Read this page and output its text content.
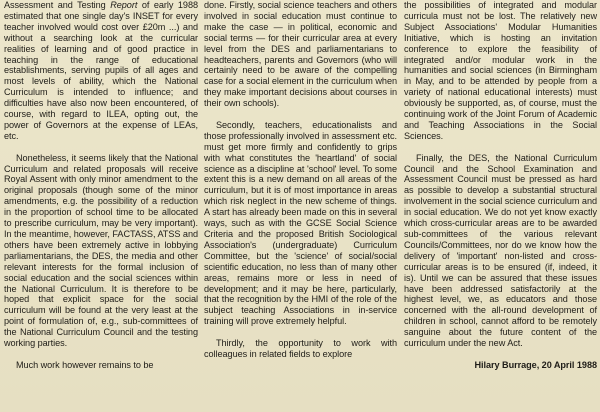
Assessment and Testing Report of early 1988 estimated that one single day's INSET for every teacher involved would cost over £20m ...) and without a searching look at the curricular realities of learning and of good practice in teaching in the range of educational establishments, serving pupils of all ages and most levels of ability, which the National Curriculum is intended to influence; and difficulties have also now been encountered, of course, with regard to ILEA, opting out, the power of Governors at the expense of LEAs, etc.

Nonetheless, it seems likely that the National Curriculum and related proposals will receive Royal Assent with only minor amendment to the original proposals (though some of the minor amendments, e.g. the possibility of a reduction in the proportion of school time to be allocated to prescribe curriculum, may be very important). In the meantime, however, FACTASS, ATSS and others have been extremely active in lobbying parliamentarians, the DES, the media and other relevant interests for the formal inclusion of social education and the social sciences within the National Curriculum. It is therefore to be hoped that explicit space for the social curriculum will be found at the very least at the point of formulation of, e.g., sub-committees of the National Curriculum Council and the testing working parties.

Much work however remains to be

done. Firstly, social science teachers and others involved in social education must continue to make the case — in political, economic and social terms — for their curricular area at every level from the DES and parliamentarians to headteachers, parents and Governors (who will certainly need to be aware of the compelling case for a social element in the curriculum when they make important decisions about courses in their own schools).

Secondly, teachers, educationalists and those professionally involved in assessment etc. must get more firmly and confidently to grips with what constitutes the 'heartland' of social science as a discipline at 'school' level. To some extent this is a new demand on all areas of the curriculum, but it is of most importance in areas which risk neglect in the new scheme of things. A start has already been made on this in several ways, such as with the GCSE Social Science Criteria and the proposed British Sociological Association's (undergraduate) Curriculum Committee, but the 'science' of social/social scientific education, no less than of many other areas, remains more or less in need of development; and it may be here, particularly, that the recognition by the HMI of the role of the subject teaching Associations in in-service training will prove extremely helpful.

Thirdly, the opportunity to work with colleagues in related fields to explore

the possibilities of integrated and modular curricula must not be lost. The relatively new Subject Associations' Modular Humanities Initiative, which is hosting an invitation conference to explore the feasibility of integrated and/or modular work in the humanities and social sciences (in Birmingham in May, and to be attended by people from a variety of national educational interests) must obviously be supported, as, of course, must the continuing work of the Joint Forum of Academic and Teaching Associations in the Social Sciences.

Finally, the DES, the National Curriculum Council and the School Examination and Assessment Council must be pressed as hard as possible to develop a substantial structural involvement in the social science curriculum and in social education. We do not yet know exactly which cross-curricular areas are to be awarded sub-committees of the various relevant Councils/Committees, nor do we know how the delivery of 'important' non-listed and cross- curricular areas is to be ensured (if, indeed, it is). Until we can be assured that these issues have been addressed satisfactorily at the highest level, we, as educators and those concerned with the all-round development of children in school, cannot afford to be remotely sanguine about the future content of the curriculum under the new Act.

Hilary Burrage, 20 April 1988
